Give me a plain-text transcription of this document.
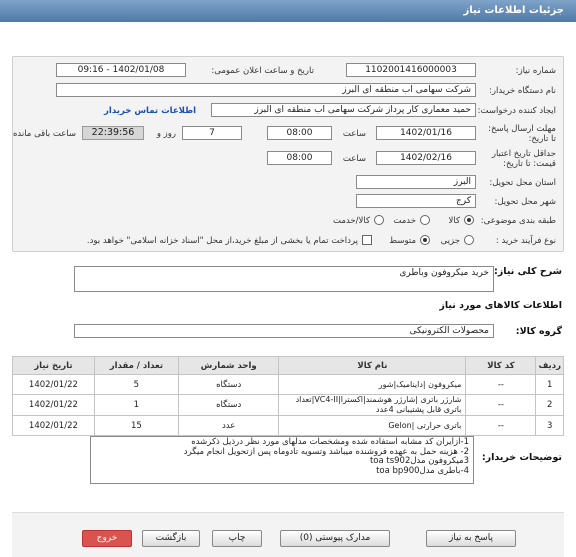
جزئیات اطلاعات نیاز
شماره نیاز:
1102001416000003
تاریخ و ساعت اعلان عمومی:
1402/01/08 - 09:16
نام دستگاه خریدار:
شرکت سهامی اب منطقه ای البرز
ایجاد کننده درخواست:
حمید معماری کار پرداز شرکت سهامی اب منطقه ای البرز
اطلاعات تماس خریدار
مهلت ارسال پاسخ: تا تاریخ:
1402/01/16
ساعت
08:00
7
روز و
22:39:56
ساعت باقی مانده
حداقل تاریخ اعتبار قیمت: تا تاریخ:
1402/02/16
ساعت
08:00
استان محل تحویل:
البرز
شهر محل تحویل:
کرج
طبقه بندی موضوعی:
کالا
خدمت
کالا/خدمت
نوع فرآیند خرید :
جزیی
متوسط
پرداخت تمام یا بخشی از مبلغ خرید،از محل "اسناد خزانه اسلامی" خواهد بود.
شرح کلی نیاز:
خرید میکروفون وباطری
اطلاعات کالاهای مورد نیاز
گروه کالا:
محصولات الکترونیکی
ردیف	کد کالا	نام کالا	واحد شمارش	تعداد / مقدار	تاریخ نیاز
1	--	میکروفون |داینامیک|شور	دستگاه	5	1402/01/22
2	--	شارژر باتری |شارژر هوشمند|اکسترا|VC4-II|تعداد باتری قابل پشتیبانی 4عدد	دستگاه	1	1402/01/22
3	--	باتری حرارتی |Gelon	عدد	15	1402/01/22
توضیحات خریدار:
1-ازایران کد مشابه استفاده شده ومشخصات مدلهای مورد نظر درذیل ذکرشده
2- هزینه حمل به عهده فروشنده میباشد وتسویه تادوماه پس ازتحویل انجام میگرد
3میکروفون مدلtoa ts902
4-باطری مدلtoa bp900
پاسخ به نیاز
مدارک پیوستی (0)
چاپ
بازگشت
خروج
